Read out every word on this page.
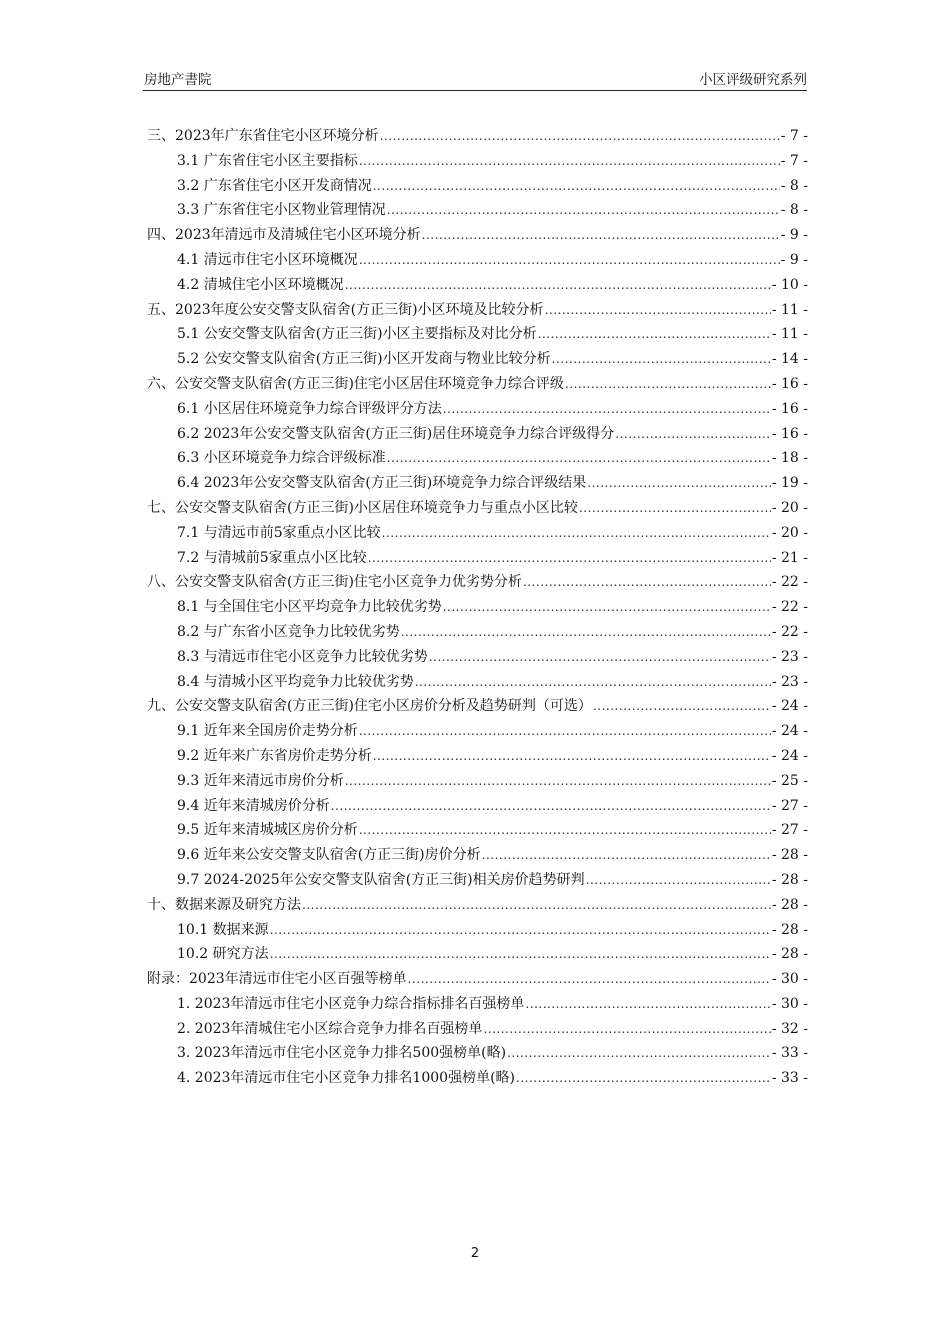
房地产書院	小区评级研究系列
三、2023年广东省住宅小区环境分析 .....	- 7 -
3.1 广东省住宅小区主要指标 .....	- 7 -
3.2 广东省住宅小区开发商情况 .....	- 8 -
3.3 广东省住宅小区物业管理情况 .....	- 8 -
四、2023年清远市及清城住宅小区环境分析 .....	- 9 -
4.1 清远市住宅小区环境概况 .....	- 9 -
4.2 清城住宅小区环境概况 .....	- 10 -
五、2023年度公安交警支队宿舍(方正三街)小区环境及比较分析 .....	- 11 -
5.1 公安交警支队宿舍(方正三街)小区主要指标及对比分析 .....	- 11 -
5.2 公安交警支队宿舍(方正三街)小区开发商与物业比较分析 .....	- 14 -
六、公安交警支队宿舍(方正三街)住宅小区居住环境竞争力综合评级 .....	- 16 -
6.1 小区居住环境竞争力综合评级评分方法 .....	- 16 -
6.2 2023年公安交警支队宿舍(方正三街)居住环境竞争力综合评级得分 .....	- 16 -
6.3 小区环境竞争力综合评级标准 .....	- 18 -
6.4 2023年公安交警支队宿舍(方正三街)环境竞争力综合评级结果 .....	- 19 -
七、公安交警支队宿舍(方正三街)小区居住环境竞争力与重点小区比较 .....	- 20 -
7.1 与清远市前5家重点小区比较 .....	- 20 -
7.2 与清城前5家重点小区比较 .....	- 21 -
八、公安交警支队宿舍(方正三街)住宅小区竞争力优劣势分析 .....	- 22 -
8.1 与全国住宅小区平均竞争力比较优劣势 .....	- 22 -
8.2 与广东省小区竞争力比较优劣势 .....	- 22 -
8.3 与清远市住宅小区竞争力比较优劣势 .....	- 23 -
8.4 与清城小区平均竞争力比较优劣势 .....	- 23 -
九、公安交警支队宿舍(方正三街)住宅小区房价分析及趋势研判（可选） .....	- 24 -
9.1 近年来全国房价走势分析 .....	- 24 -
9.2 近年来广东省房价走势分析 .....	- 24 -
9.3 近年来清远市房价分析 .....	- 25 -
9.4 近年来清城房价分析 .....	- 27 -
9.5 近年来清城城区房价分析 .....	- 27 -
9.6 近年来公安交警支队宿舍(方正三街)房价分析 .....	- 28 -
9.7 2024-2025年公安交警支队宿舍(方正三街)相关房价趋势研判 .....	- 28 -
十、数据来源及研究方法 .....	- 28 -
10.1 数据来源 .....	- 28 -
10.2 研究方法 .....	- 28 -
附录：2023年清远市住宅小区百强等榜单 .....	- 30 -
1. 2023年清远市住宅小区竞争力综合指标排名百强榜单 .....	- 30 -
2. 2023年清城住宅小区综合竞争力排名百强榜单 .....	- 32 -
3. 2023年清远市住宅小区竞争力排名500强榜单(略) .....	- 33 -
4. 2023年清远市住宅小区竞争力排名1000强榜单(略) .....	- 33 -
2
